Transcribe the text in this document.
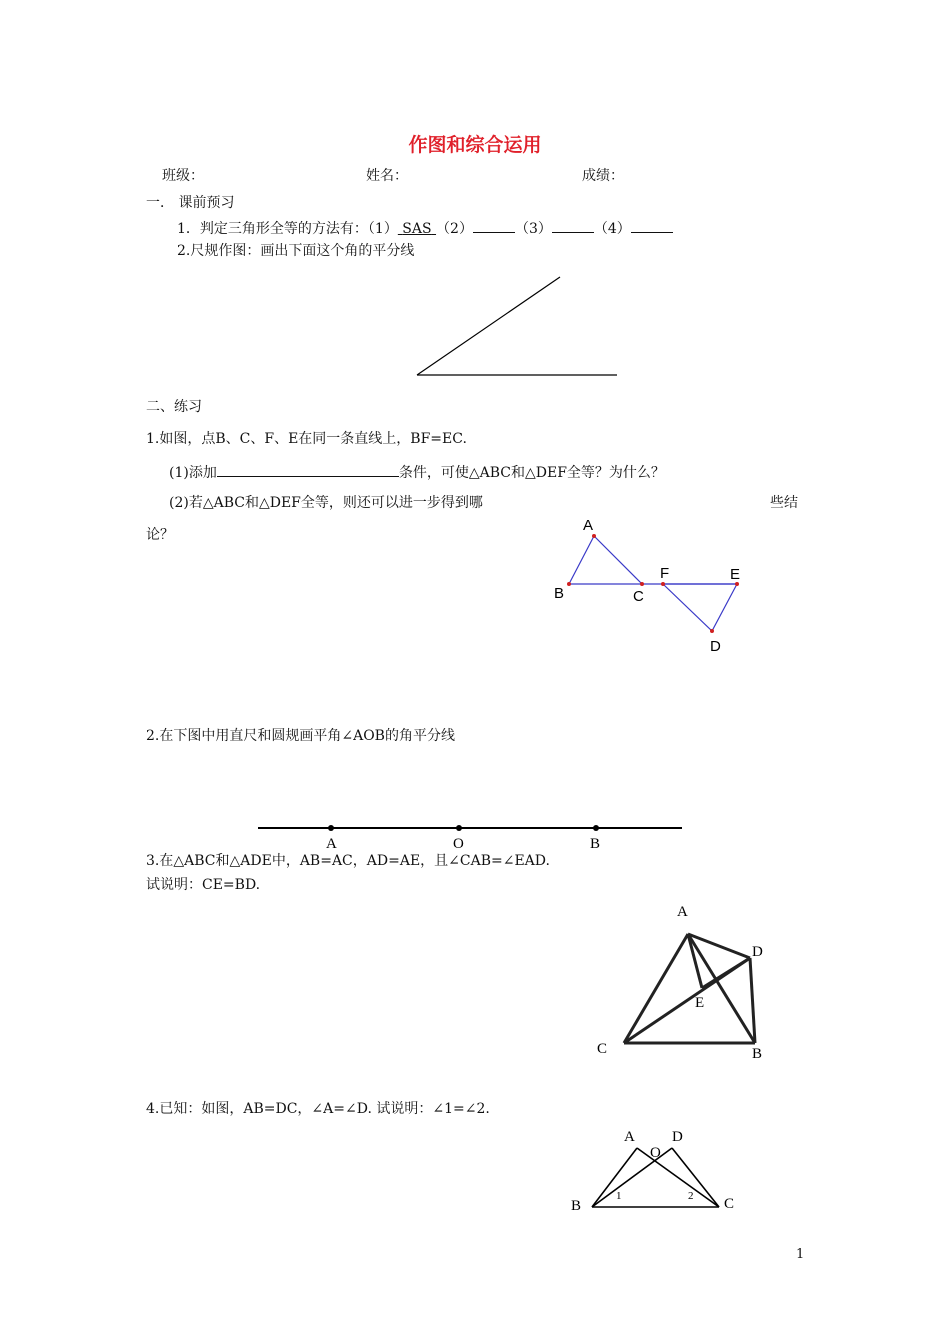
作图和综合运用
班级：	姓名：	成绩：
一． 课前预习
1．判定三角形全等的方法有：（1） SAS （2）	（3）	（4）
2.尺规作图：画出下面这个角的平分线
二、练习
1.如图，点B、C、F、E在同一条直线上，BF=EC.
(1)添加	条件，可使△ABC和△DEF全等？为什么？
(2)若△ABC和△DEF全等，则还可以进一步得到哪	些结
论？
2.在下图中用直尺和圆规画平角∠AOB的角平分线
3.在△ABC和△ADE中，AB=AC，AD=AE，且∠CAB=∠EAD.
试说明：CE=BD.
4.已知：如图，AB=DC，∠A=∠D. 试说明：∠1=∠2.
1
A
B	C
F	E
D
A	O	B
A
D
E
C	B
A D
O
B	C
1	2
